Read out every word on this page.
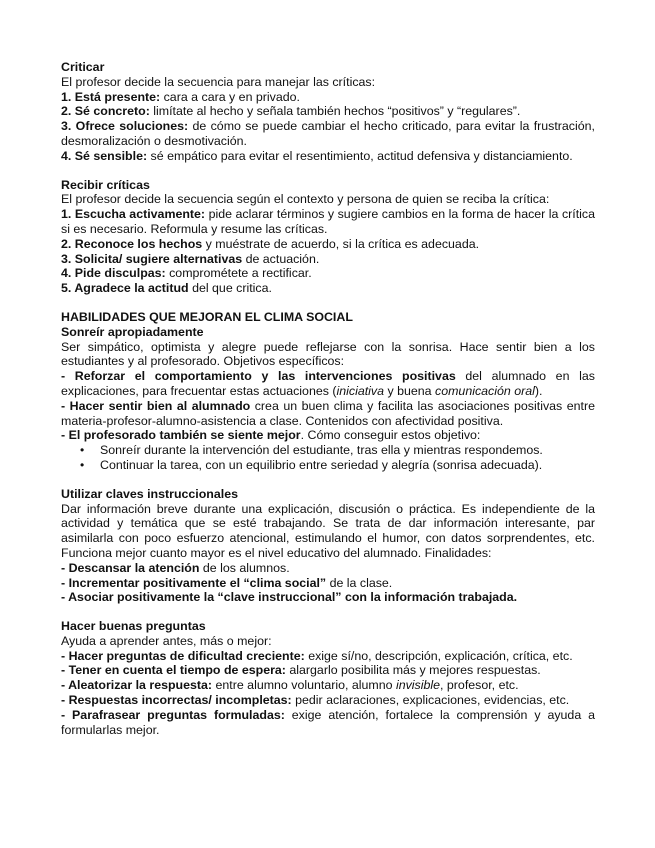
Criticar

El profesor decide la secuencia para manejar las críticas:

1. Está presente: cara a cara y en privado.

2. Sé concreto: limítate al hecho y señala también hechos “positivos” y “regulares”.

3. Ofrece soluciones: de cómo se puede cambiar el hecho criticado, para evitar la frustración, desmoralización o desmotivación.

4. Sé sensible: sé empático para evitar el resentimiento, actitud defensiva y distanciamiento.

Recibir críticas

El profesor decide la secuencia según el contexto y persona de quien se reciba la crítica:

1. Escucha activamente: pide aclarar términos y sugiere cambios en la forma de hacer la crítica si es necesario. Reformula y resume las críticas.

2. Reconoce los hechos y muéstrate de acuerdo, si la crítica es adecuada.

3. Solicita/ sugiere alternativas de actuación.

4. Pide disculpas: comprométete a rectificar.

5. Agradece la actitud del que critica.

HABILIDADES QUE MEJORAN EL CLIMA SOCIAL

Sonreír apropiadamente

Ser simpático, optimista y alegre puede reflejarse con la sonrisa. Hace sentir bien a los estudiantes y al profesorado. Objetivos específicos:

- Reforzar el comportamiento y las intervenciones positivas del alumnado en las explicaciones, para frecuentar estas actuaciones (iniciativa y buena comunicación oral).

- Hacer sentir bien al alumnado crea un buen clima y facilita las asociaciones positivas entre materia-profesor-alumno-asistencia a clase. Contenidos con afectividad positiva.

- El profesorado también se siente mejor. Cómo conseguir estos objetivo:

• Sonreír durante la intervención del estudiante, tras ella y mientras respondemos.
• Continuar la tarea, con un equilibrio entre seriedad y alegría (sonrisa adecuada).

Utilizar claves instruccionales

Dar información breve durante una explicación, discusión o práctica. Es independiente de la actividad y temática que se esté trabajando. Se trata de dar información interesante, par asimilarla con poco esfuerzo atencional, estimulando el humor, con datos sorprendentes, etc. Funciona mejor cuanto mayor es el nivel educativo del alumnado. Finalidades:

- Descansar la atención de los alumnos.

- Incrementar positivamente el “clima social” de la clase.

- Asociar positivamente la “clave instruccional” con la información trabajada.

Hacer buenas preguntas

Ayuda a aprender antes, más o mejor:

- Hacer preguntas de dificultad creciente: exige sí/no, descripción, explicación, crítica, etc.

- Tener en cuenta el tiempo de espera: alargarlo posibilita más y mejores respuestas.

- Aleatorizar la respuesta: entre alumno voluntario, alumno invisible, profesor, etc.

- Respuestas incorrectas/ incompletas: pedir aclaraciones, explicaciones, evidencias, etc.

- Parafrasear preguntas formuladas: exige atención, fortalece la comprensión y ayuda a formularlas mejor.
